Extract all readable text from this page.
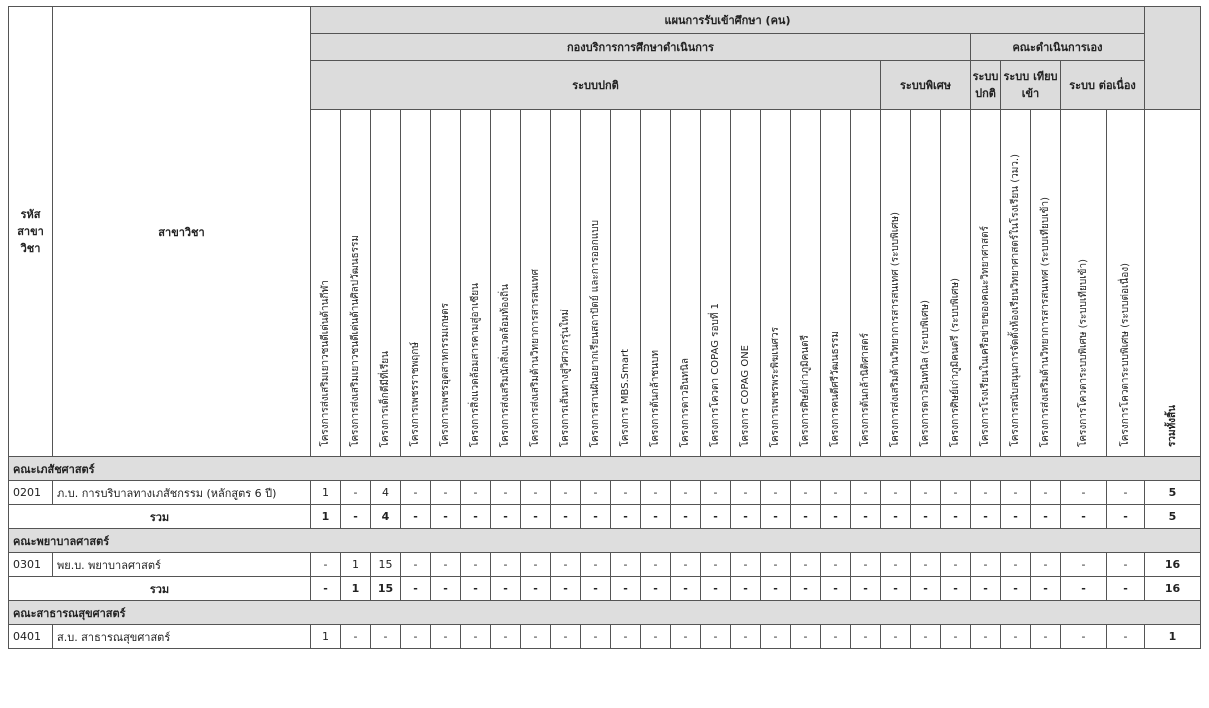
รหัส สาขา วิชา	สาขาวิชา	แผนการรับเข้าศึกษา (คน)																											
		กองบริการการศึกษาดำเนินการ																						คณะดำเนินการเอง					
		ระบบปกติ																			ระบบพิเศษ			ระบบ ปกติ	ระบบ เทียบเข้า		ระบบ ต่อเนื่อง		
		โครงการส่งเสริมเยาวชนดีเด่นด้านกีฬา	โครงการส่งเสริมเยาวชนดีเด่นด้านศิลปวัฒนธรรม	โครงการเด็กดีมีที่เรียน	โครงการเพชรราชพฤกษ์	โครงการเพชรอุตสาหกรรมเกษตร	โครงการสิ่งแวดล้อมสารคามสู่อาเซียน	โครงการส่งเสริมนักสิ่งแวดล้อมท้องถิ่น	โครงการส่งเสริมด้านวิทยาการสารสนเทศ	โครงการเส้นทางสู่วิศวกรรุ่นใหม่	โครงการสานฝันอยากเรียนสถาปัตย์ และการออกแบบ	โครงการ MBS.Smart	โครงการต้นกล้าชนบท	โครงการดาวอินทนิล	โครงการโควตา COPAG รอบที่ 1	โครงการ COPAG ONE	โครงการเพชรพระพิฆเนศวร	โครงการศิษย์เก่าภูมิคนตรี	โครงการคนดีศรีวัฒนธรรม	โครงการต้นกล้านิติศาสตร์	โครงการส่งเสริมด้านวิทยาการสารสนเทศ (ระบบพิเศษ)	โครงการดาวอินทนิล (ระบบพิเศษ)	โครงการศิษย์เก่าภูมิคนตรี (ระบบพิเศษ)	โครงการโรงเรียนในเครือข่ายของคณะวิทยาศาสตร์	โครงการสนับสนุนการจัดตั้งห้องเรียนวิทยาศาสตร์ในโรงเรียน (วมว.)	โครงการส่งเสริมด้านวิทยาการสารสนเทศ (ระบบเทียบเข้า)	โครงการโควตาระบบพิเศษ (ระบบเทียบเข้า)	โครงการโควตาระบบพิเศษ (ระบบต่อเนื่อง)	รวมทั้งสิ้น
คณะเภสัชศาสตร์																													
0201	ภ.บ. การบริบาลทางเภสัชกรรม (หลักสูตร 6 ปี)	1	-	4	-	-	-	-	-	-	-	-	-	-	-	-	-	-	-	-	-	-	-	-	-	-	-	-	5
รวม		1	-	4	-	-	-	-	-	-	-	-	-	-	-	-	-	-	-	-	-	-	-	-	-	-	-	-	5
คณะพยาบาลศาสตร์																													
0301	พย.บ. พยาบาลศาสตร์	-	1	15	-	-	-	-	-	-	-	-	-	-	-	-	-	-	-	-	-	-	-	-	-	-	-	-	16
รวม		-	1	15	-	-	-	-	-	-	-	-	-	-	-	-	-	-	-	-	-	-	-	-	-	-	-	-	16
คณะสาธารณสุขศาสตร์																													
0401	ส.บ. สาธารณสุขศาสตร์	1	-	-	-	-	-	-	-	-	-	-	-	-	-	-	-	-	-	-	-	-	-	-	-	-	-	-	1
